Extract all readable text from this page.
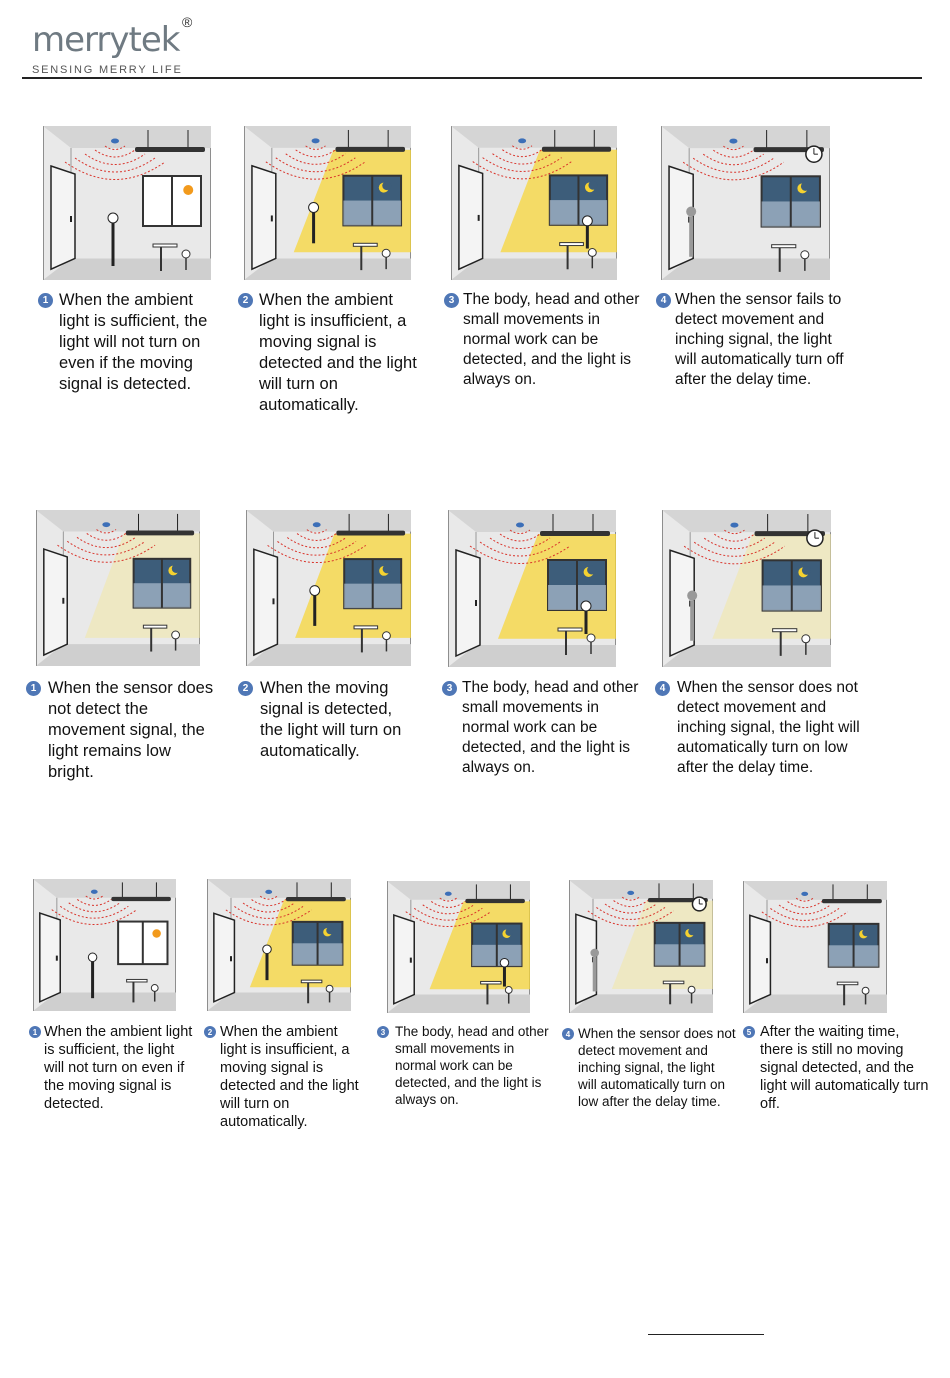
merrytek ®
SENSING MERRY LIFE
1 When the ambient light is sufficient, the light will not turn on even if the moving signal is detected.
2 When the ambient light is insufficient, a moving signal is detected and the light will turn on automatically.
3 The body, head and other small movements in normal work can be detected, and the light is always on.
4 When the sensor fails to detect movement and inching signal, the light will automatically turn off after the delay time.
1 When the sensor does not detect the movement signal, the light remains low bright.
2 When the moving signal is detected, the light will turn on automatically.
3 The body, head and other small movements in normal work can be detected, and the light is always on.
4 When the sensor does not detect movement and inching signal, the light will automatically turn on low after the delay time.
1 When the ambient light is sufficient, the light will not turn on even if the moving signal is detected.
2 When the ambient light is insufficient, a moving signal is detected and the light will turn on automatically.
3 The body, head and other small movements in normal work can be detected, and the light is always on.
4 When the sensor does not detect movement and inching signal, the light will automatically turn on low after the delay time.
5 After the waiting time, there is still no moving signal detected, and the light will automatically turn off.
